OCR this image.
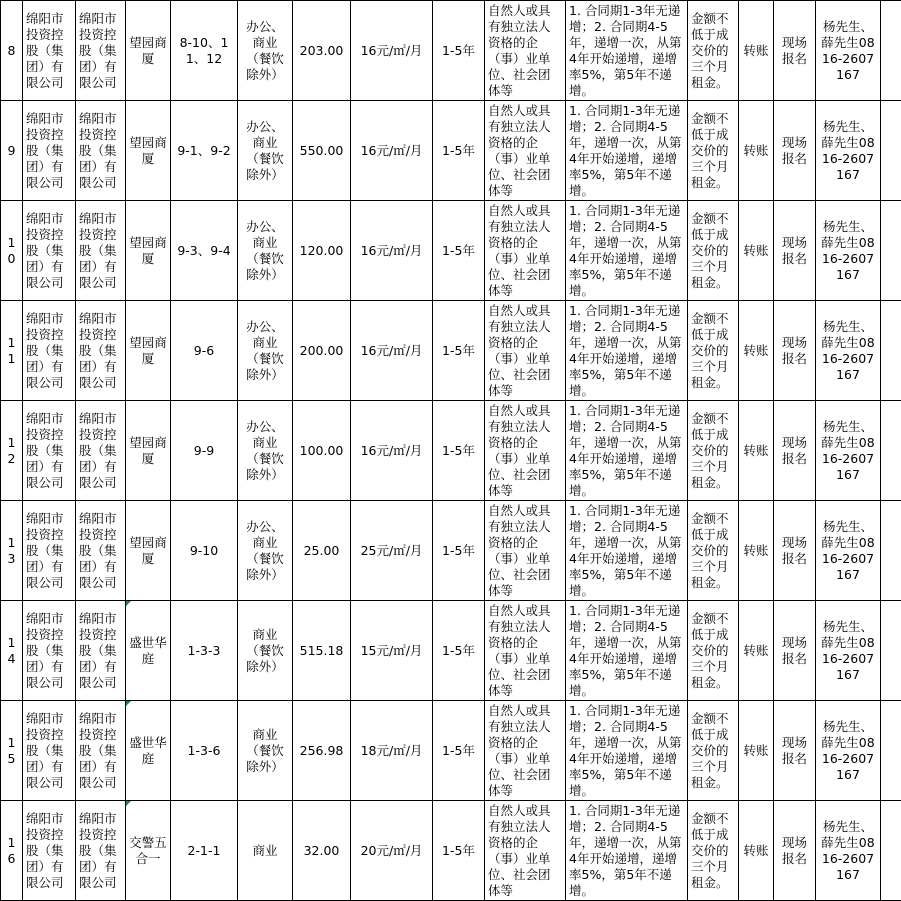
8	绵阳市投资控股（集团）有限公司	绵阳市投资控股（集团）有限公司	望园商厦	8-10、11、12	办公、商业（餐饮除外）	203.00	16元/㎡/月	1-5年	自然人或具有独立法人资格的企（事）业单位、社会团体等	1. 合同期1-3年无递增；2. 合同期4-5年，递增一次，从第4年开始递增，递增率5%，第5年不递增。	金额不低于成交价的三个月租金。	转账	现场报名	杨先生、薛先生0816-2607167	
9	绵阳市投资控股（集团）有限公司	绵阳市投资控股（集团）有限公司	望园商厦	9-1、9-2	办公、商业（餐饮除外）	550.00	16元/㎡/月	1-5年	自然人或具有独立法人资格的企（事）业单位、社会团体等	1. 合同期1-3年无递增；2. 合同期4-5年，递增一次，从第4年开始递增，递增率5%，第5年不递增。	金额不低于成交价的三个月租金。	转账	现场报名	杨先生、薛先生0816-2607167	
10	绵阳市投资控股（集团）有限公司	绵阳市投资控股（集团）有限公司	望园商厦	9-3、9-4	办公、商业（餐饮除外）	120.00	16元/㎡/月	1-5年	自然人或具有独立法人资格的企（事）业单位、社会团体等	1. 合同期1-3年无递增；2. 合同期4-5年，递增一次，从第4年开始递增，递增率5%，第5年不递增。	金额不低于成交价的三个月租金。	转账	现场报名	杨先生、薛先生0816-2607167	
11	绵阳市投资控股（集团）有限公司	绵阳市投资控股（集团）有限公司	望园商厦	9-6	办公、商业（餐饮除外）	200.00	16元/㎡/月	1-5年	自然人或具有独立法人资格的企（事）业单位、社会团体等	1. 合同期1-3年无递增；2. 合同期4-5年，递增一次，从第4年开始递增，递增率5%，第5年不递增。	金额不低于成交价的三个月租金。	转账	现场报名	杨先生、薛先生0816-2607167	
12	绵阳市投资控股（集团）有限公司	绵阳市投资控股（集团）有限公司	望园商厦	9-9	办公、商业（餐饮除外）	100.00	16元/㎡/月	1-5年	自然人或具有独立法人资格的企（事）业单位、社会团体等	1. 合同期1-3年无递增；2. 合同期4-5年，递增一次，从第4年开始递增，递增率5%，第5年不递增。	金额不低于成交价的三个月租金。	转账	现场报名	杨先生、薛先生0816-2607167	
13	绵阳市投资控股（集团）有限公司	绵阳市投资控股（集团）有限公司	望园商厦	9-10	办公、商业（餐饮除外）	25.00	25元/㎡/月	1-5年	自然人或具有独立法人资格的企（事）业单位、社会团体等	1. 合同期1-3年无递增；2. 合同期4-5年，递增一次，从第4年开始递增，递增率5%，第5年不递增。	金额不低于成交价的三个月租金。	转账	现场报名	杨先生、薛先生0816-2607167	
14	绵阳市投资控股（集团）有限公司	绵阳市投资控股（集团）有限公司	盛世华庭	1-3-3	商业（餐饮除外）	515.18	15元/㎡/月	1-5年	自然人或具有独立法人资格的企（事）业单位、社会团体等	1. 合同期1-3年无递增；2. 合同期4-5年，递增一次，从第4年开始递增，递增率5%，第5年不递增。	金额不低于成交价的三个月租金。	转账	现场报名	杨先生、薛先生0816-2607167	
15	绵阳市投资控股（集团）有限公司	绵阳市投资控股（集团）有限公司	盛世华庭	1-3-6	商业（餐饮除外）	256.98	18元/㎡/月	1-5年	自然人或具有独立法人资格的企（事）业单位、社会团体等	1. 合同期1-3年无递增；2. 合同期4-5年，递增一次，从第4年开始递增，递增率5%，第5年不递增。	金额不低于成交价的三个月租金。	转账	现场报名	杨先生、薛先生0816-2607167	
16	绵阳市投资控股（集团）有限公司	绵阳市投资控股（集团）有限公司	交警五合一	2-1-1	商业	32.00	20元/㎡/月	1-5年	自然人或具有独立法人资格的企（事）业单位、社会团体等	1. 合同期1-3年无递增；2. 合同期4-5年，递增一次，从第4年开始递增，递增率5%，第5年不递增。	金额不低于成交价的三个月租金。	转账	现场报名	杨先生、薛先生0816-2607167	
